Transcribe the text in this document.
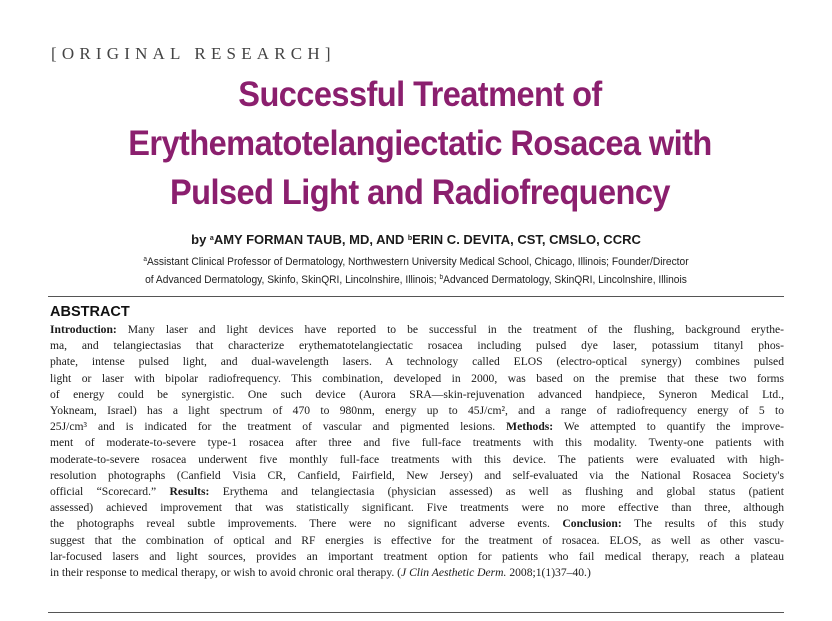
[ORIGINAL RESEARCH]
Successful Treatment of
Erythematotelangiectatic Rosacea with
Pulsed Light and Radiofrequency
by $^a$AMY FORMAN TAUB, MD, AND $^b$ERIN C. DEVITA, CST, CMSLO, CCRC
$^a$Assistant Clinical Professor of Dermatology, Northwestern University Medical School, Chicago, Illinois; Founder/Director
of Advanced Dermatology, Skinfo, SkinQRI, Lincolnshire, Illinois; $^b$Advanced Dermatology, SkinQRI, Lincolnshire, Illinois
ABSTRACT
Introduction: Many laser and light devices have reported to be successful in the treatment of the flushing, background erythe-
ma, and telangiectasias that characterize erythematotelangiectatic rosacea including pulsed dye laser, potassium titanyl phos-
phate, intense pulsed light, and dual-wavelength lasers. A technology called ELOS (electro-optical synergy) combines pulsed
light or laser with bipolar radiofrequency. This combination, developed in 2000, was based on the premise that these two forms
of energy could be synergistic. One such device (Aurora SRA—skin-rejuvenation advanced handpiece, Syneron Medical Ltd.,
Yokneam, Israel) has a light spectrum of 470 to 980nm, energy up to 45J/cm², and a range of radiofrequency energy of 5 to
25J/cm³ and is indicated for the treatment of vascular and pigmented lesions. Methods: We attempted to quantify the improve-
ment of moderate-to-severe type-1 rosacea after three and five full-face treatments with this modality. Twenty-one patients with
moderate-to-severe rosacea underwent five monthly full-face treatments with this device. The patients were evaluated with high-
resolution photographs (Canfield Visia CR, Canfield, Fairfield, New Jersey) and self-evaluated via the National Rosacea Society's
official “Scorecard.” Results: Erythema and telangiectasia (physician assessed) as well as flushing and global status (patient
assessed) achieved improvement that was statistically significant. Five treatments were no more effective than three, although
the photographs reveal subtle improvements. There were no significant adverse events. Conclusion: The results of this study
suggest that the combination of optical and RF energies is effective for the treatment of rosacea. ELOS, as well as other vascu-
lar-focused lasers and light sources, provides an important treatment option for patients who fail medical therapy, reach a plateau
in their response to medical therapy, or wish to avoid chronic oral therapy. (J Clin Aesthetic Derm. 2008;1(1)37–40.)
